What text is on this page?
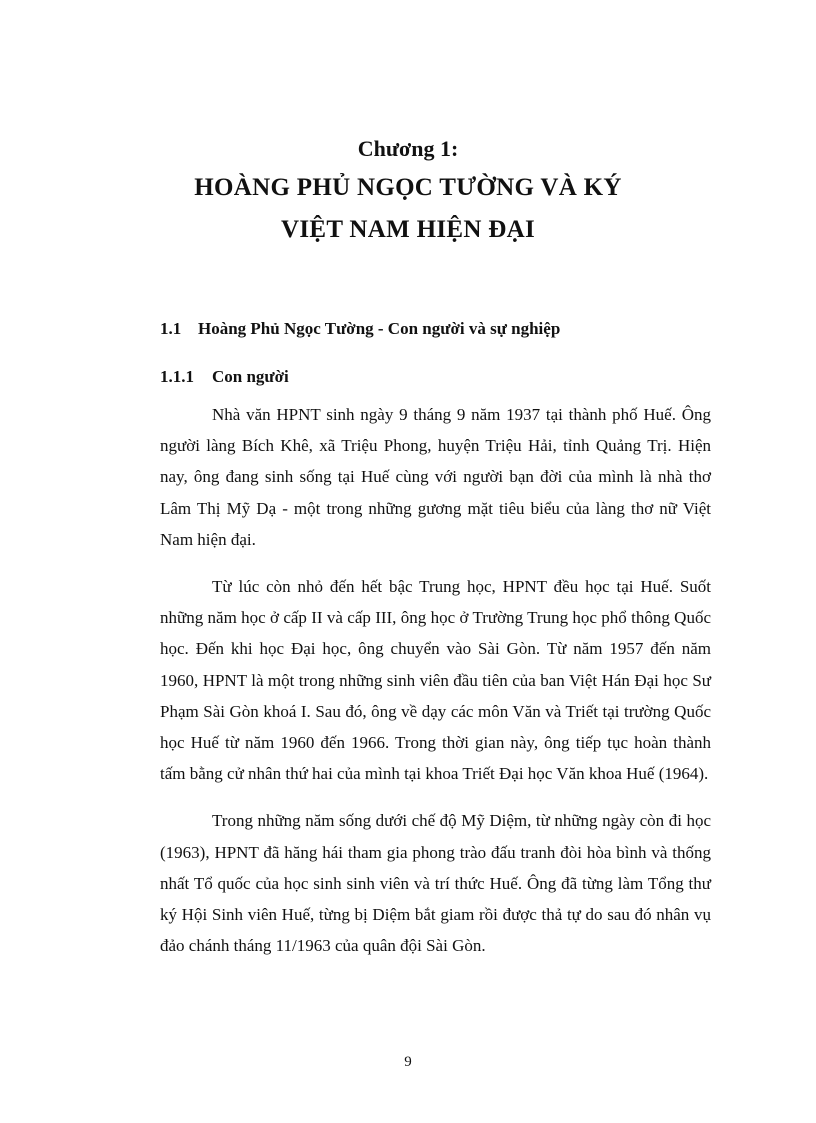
Chương 1:
HOÀNG PHỦ NGỌC TƯỜNG VÀ KÝ
VIỆT NAM HIỆN ĐẠI
1.1 Hoàng Phủ Ngọc Tường - Con người và sự nghiệp
1.1.1 Con người

Nhà văn HPNT sinh ngày 9 tháng 9 năm 1937 tại thành phố Huế. Ông người làng Bích Khê, xã Triệu Phong, huyện Triệu Hải, tỉnh Quảng Trị. Hiện nay, ông đang sinh sống tại Huế cùng với người bạn đời của mình là nhà thơ Lâm Thị Mỹ Dạ - một trong những gương mặt tiêu biểu của làng thơ nữ Việt Nam hiện đại.

Từ lúc còn nhỏ đến hết bậc Trung học, HPNT đều học tại Huế. Suốt những năm học ở cấp II và cấp III, ông học ở Trường Trung học phổ thông Quốc học. Đến khi học Đại học, ông chuyển vào Sài Gòn. Từ năm 1957 đến năm 1960, HPNT là một trong những sinh viên đầu tiên của ban Việt Hán Đại học Sư Phạm Sài Gòn khoá I. Sau đó, ông về dạy các môn Văn và Triết tại trường Quốc học Huế từ năm 1960 đến 1966. Trong thời gian này, ông tiếp tục hoàn thành tấm bằng cử nhân thứ hai của mình tại khoa Triết Đại học Văn khoa Huế (1964).

Trong những năm sống dưới chế độ Mỹ Diệm, từ những ngày còn đi học (1963), HPNT đã hăng hái tham gia phong trào đấu tranh đòi hòa bình và thống nhất Tổ quốc của học sinh sinh viên và trí thức Huế. Ông đã từng làm Tổng thư ký Hội Sinh viên Huế, từng bị Diệm bắt giam rồi được thả tự do sau đó nhân vụ đảo chánh tháng 11/1963 của quân đội Sài Gòn.

9
